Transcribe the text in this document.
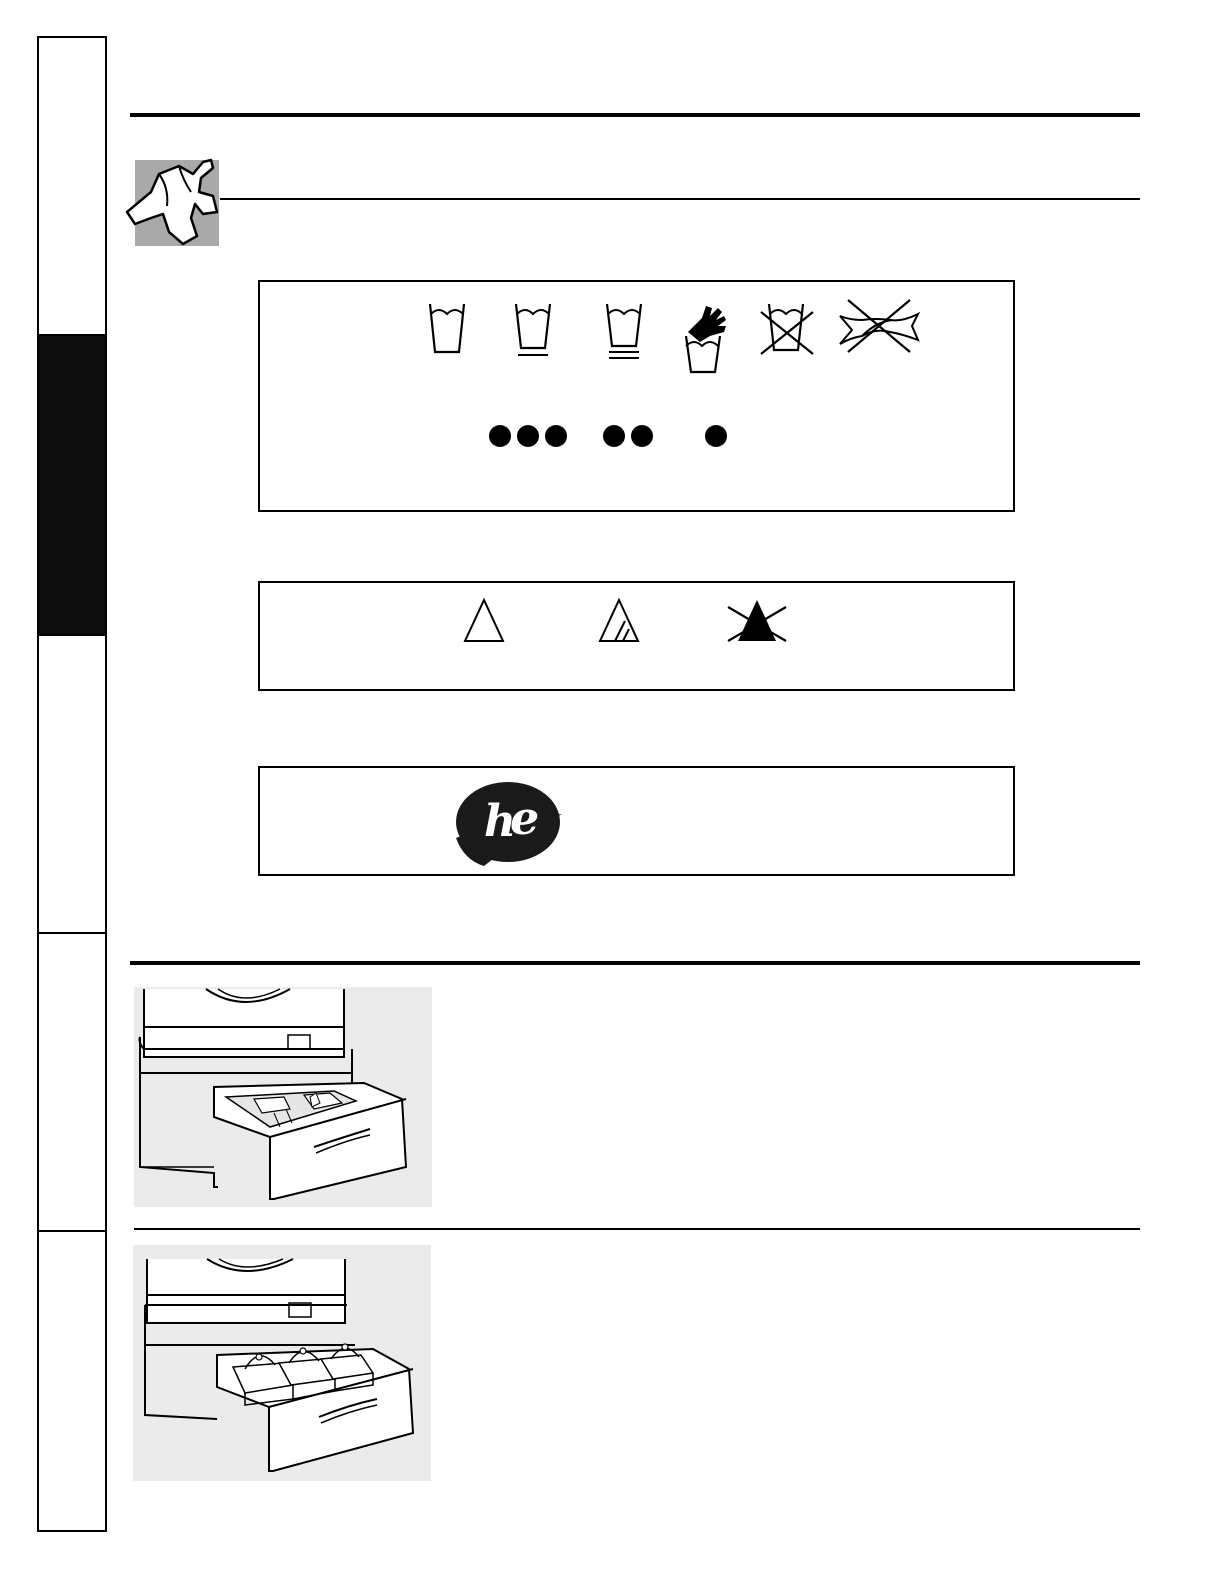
h
e
